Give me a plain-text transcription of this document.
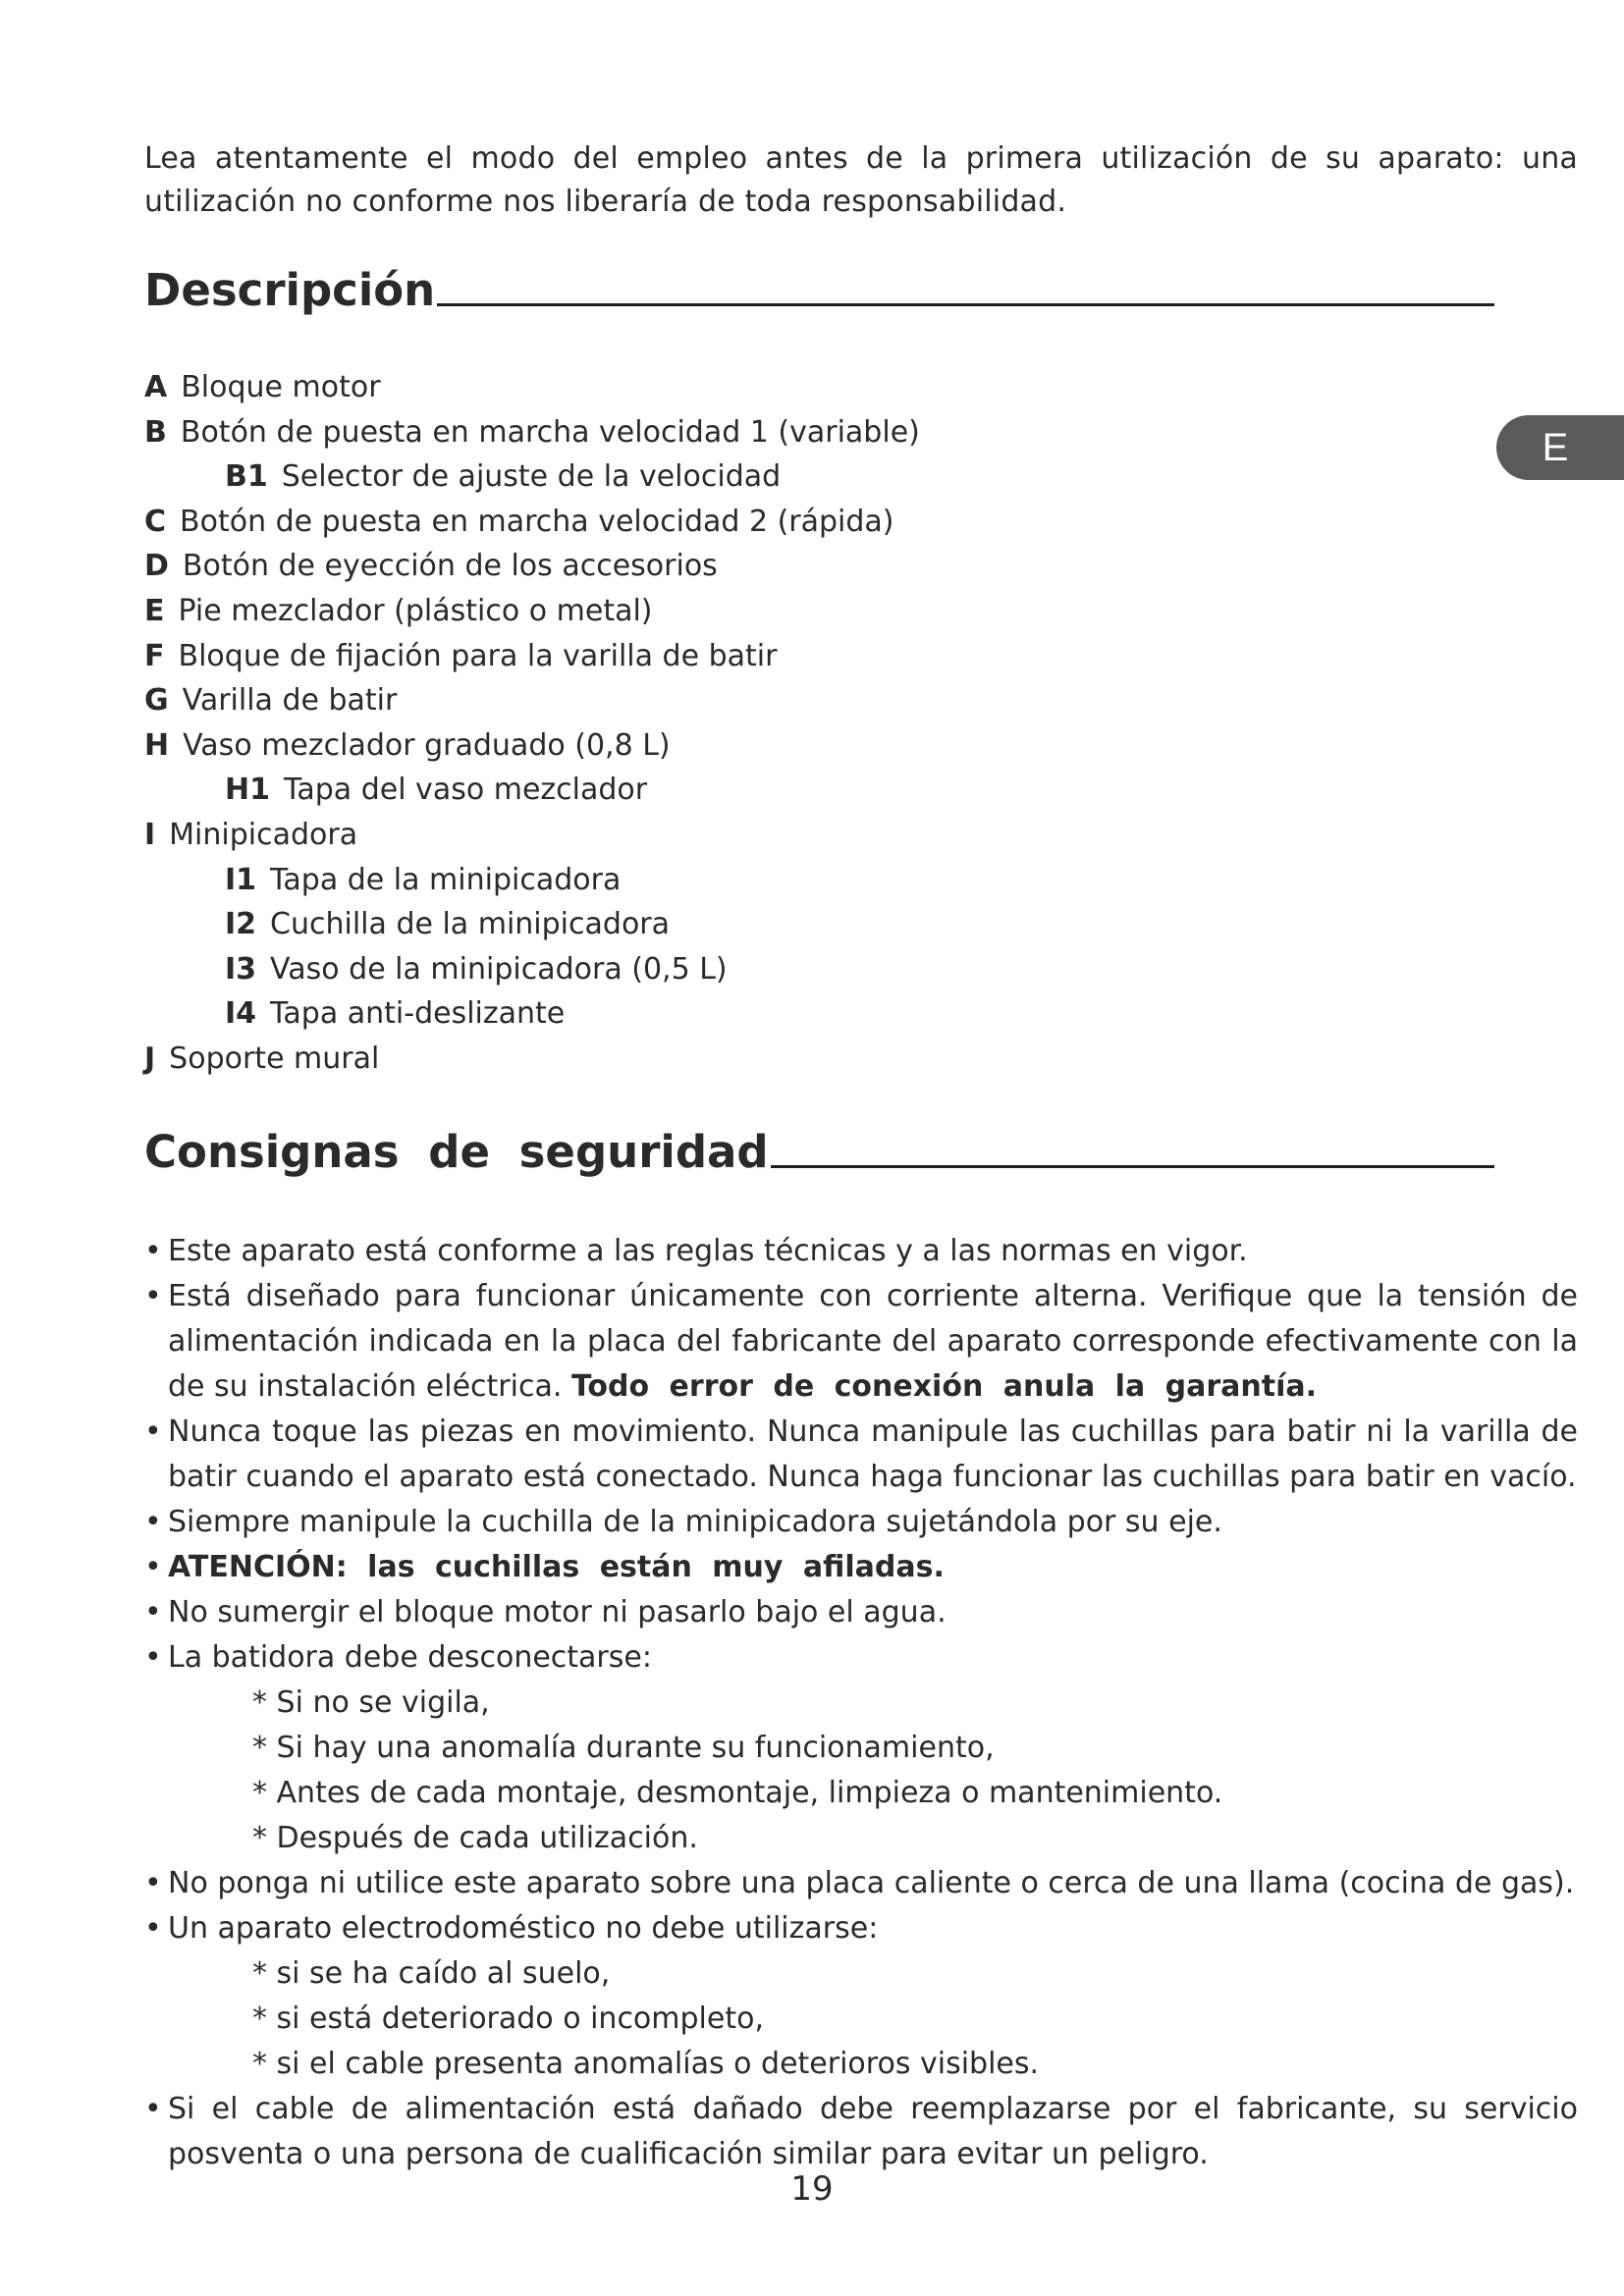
Lea atentamente el modo del empleo antes de la primera utilización de su aparato: una utilización no conforme nos liberaría de toda responsabilidad.

Descripción
A Bloque motor
B Botón de puesta en marcha velocidad 1 (variable)
B1 Selector de ajuste de la velocidad
C Botón de puesta en marcha velocidad 2 (rápida)
D Botón de eyección de los accesorios
E Pie mezclador (plástico o metal)
F Bloque de fijación para la varilla de batir
G Varilla de batir
H Vaso mezclador graduado (0,8 L)
H1 Tapa del vaso mezclador
I Minipicadora
I1 Tapa de la minipicadora
I2 Cuchilla de la minipicadora
I3 Vaso de la minipicadora (0,5 L)
I4 Tapa anti-deslizante
J Soporte mural
Consignas de seguridad
• Este aparato está conforme a las reglas técnicas y a las normas en vigor.
• Está diseñado para funcionar únicamente con corriente alterna. Verifique que la tensión de alimentación indicada en la placa del fabricante del aparato corresponde efectivamente con la de su instalación eléctrica. Todo error de conexión anula la garantía.
• Nunca toque las piezas en movimiento. Nunca manipule las cuchillas para batir ni la varilla de batir cuando el aparato está conectado. Nunca haga funcionar las cuchillas para batir en vacío.
• Siempre manipule la cuchilla de la minipicadora sujetándola por su eje.
• ATENCIÓN: las cuchillas están muy afiladas.
• No sumergir el bloque motor ni pasarlo bajo el agua.
• La batidora debe desconectarse:
* Si no se vigila,
* Si hay una anomalía durante su funcionamiento,
* Antes de cada montaje, desmontaje, limpieza o mantenimiento.
* Después de cada utilización.
• No ponga ni utilice este aparato sobre una placa caliente o cerca de una llama (cocina de gas).
• Un aparato electrodoméstico no debe utilizarse:
* si se ha caído al suelo,
* si está deteriorado o incompleto,
* si el cable presenta anomalías o deterioros visibles.
• Si el cable de alimentación está dañado debe reemplazarse por el fabricante, su servicio posventa o una persona de cualificación similar para evitar un peligro.
E
19
